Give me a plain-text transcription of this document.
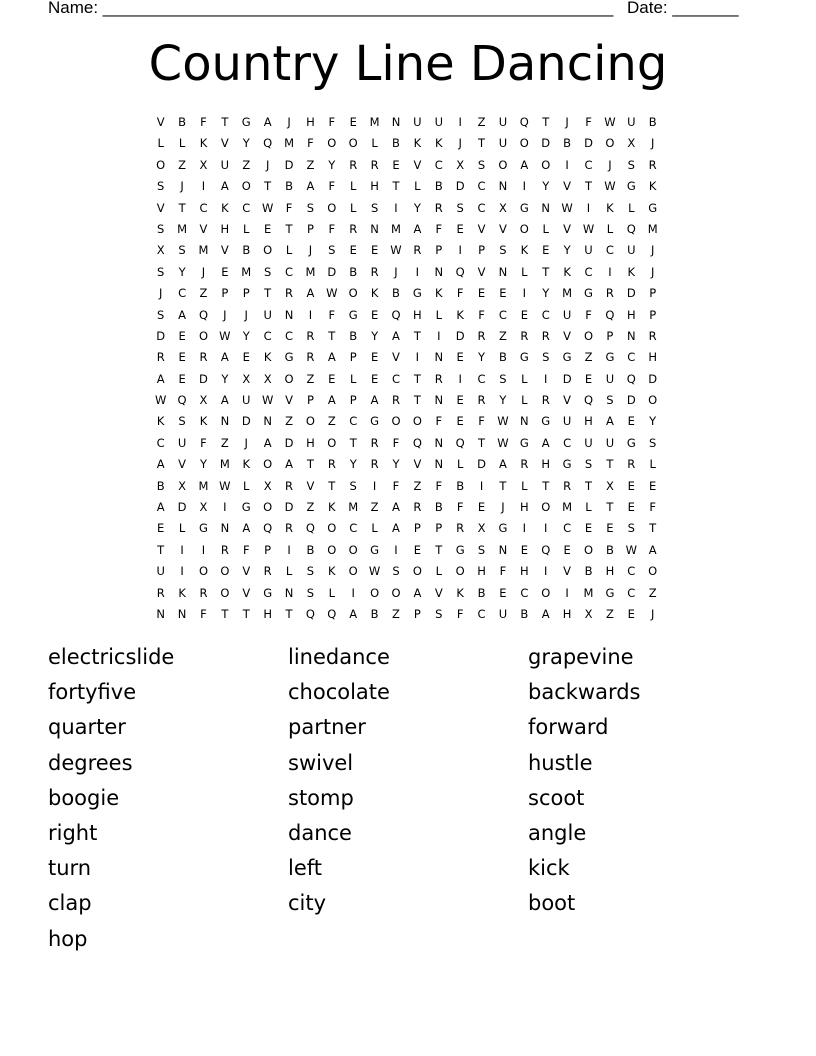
Name: ______________________________________________________ Date: _______
Country Line Dancing
V	B	F	T	G	A	J	H	F	E	M	N	U	U	I	Z	U	Q	T	J	F	W	U	B
L	L	K	V	Y	Q	M	F	O	O	L	B	K	K	J	T	U	O	D	B	D	O	X	J
O	Z	X	U	Z	J	D	Z	Y	R	R	E	V	C	X	S	O	A	O	I	C	J	S	R
S	J	I	A	O	T	B	A	F	L	H	T	L	B	D	C	N	I	Y	V	T	W G	K
V	T	C	K	C	W	F	S	O	L	S	I	Y	R	S	C	X	G	N W	I	K	L	G
S	M	V	H	L	E	T	P	F	R	N	M	A	F	E	V	V	O	L	V	W	L	Q	M
X	S	M	V	B	O	L	J	S	E	E	W	R	P	I	P	S	K	E	Y	U	C	U	J
S	Y	J	E	M	S	C	M	D	B	R	J	I	N	Q	V	N	L	T	K	C	I	K	J
J	C	Z	P	P	T	R	A	W O	K	B	G	K	F	E	E	I	Y	M	G	R	D	P
S	A	Q	J	J	U	N	I	F	G	E	Q	H	L	K	F	C	E	C	U	F	Q	H	P
D	E	O W	Y	C	C	R	T	B	Y	A	T	I	D	R	Z	R	R	V	O	P	N	R
R	E	R	A	E	K	G	R	A	P	E	V	I	N	E	Y	B	G	S	G	Z	G	C	H
A	E	D	Y	X	X	O	Z	E	L	E	C	T	R	I	C	S	L	I	D	E	U	Q	D
W Q	X	A	U W	V	P	A	P	A	R	T	N	E	R	Y	L	R	V	Q	S	D	O
K	S	K	N	D	N	Z	O	Z	C	G	O	O	F	E	F	W N	G	U	H	A	E	Y
C	U	F	Z	J	A	D	H	O	T	R	F	Q	N	Q	T	W G	A	C	U	U	G	S
A	V	Y	M	K	O	A	T	R	Y	R	Y	V	N	L	D	A	R	H	G	S	T	R	L
B	X	M W	L	X	R	V	T	S	I	F	Z	F	B	I	T	L	T	R	T	X	E	E
A	D	X	I	G	O	D	Z	K	M	Z	A	R	B	F	E	J	H	O	M	L	T	E	F
E	L	G	N	A	Q	R	Q	O	C	L	A	P	P	R	X	G	I	I	C	E	E	S	T
T	I	I	R	F	P	I	B	O	O	G	I	E	T	G	S	N	E	Q	E	O	B	W	A
U	I	O	O	V	R	L	S	K	O W	S	O	L	O	H	F	H	I	V	B	H	C	O
R	K	R	O	V	G	N	S	L	I	O	O	A	V	K	B	E	C	O	I	M	G	C	Z
N	N	F	T	T	H	T	Q	Q	A	B	Z	P	S	F	C	U	B	A	H	X	Z	E	J
electricslide
fortyfive
quarter
degrees
boogie
right
turn
clap
hop
linedance
chocolate
partner
swivel
stomp
dance
left
city
grapevine
backwards
forward
hustle
scoot
angle
kick
boot
